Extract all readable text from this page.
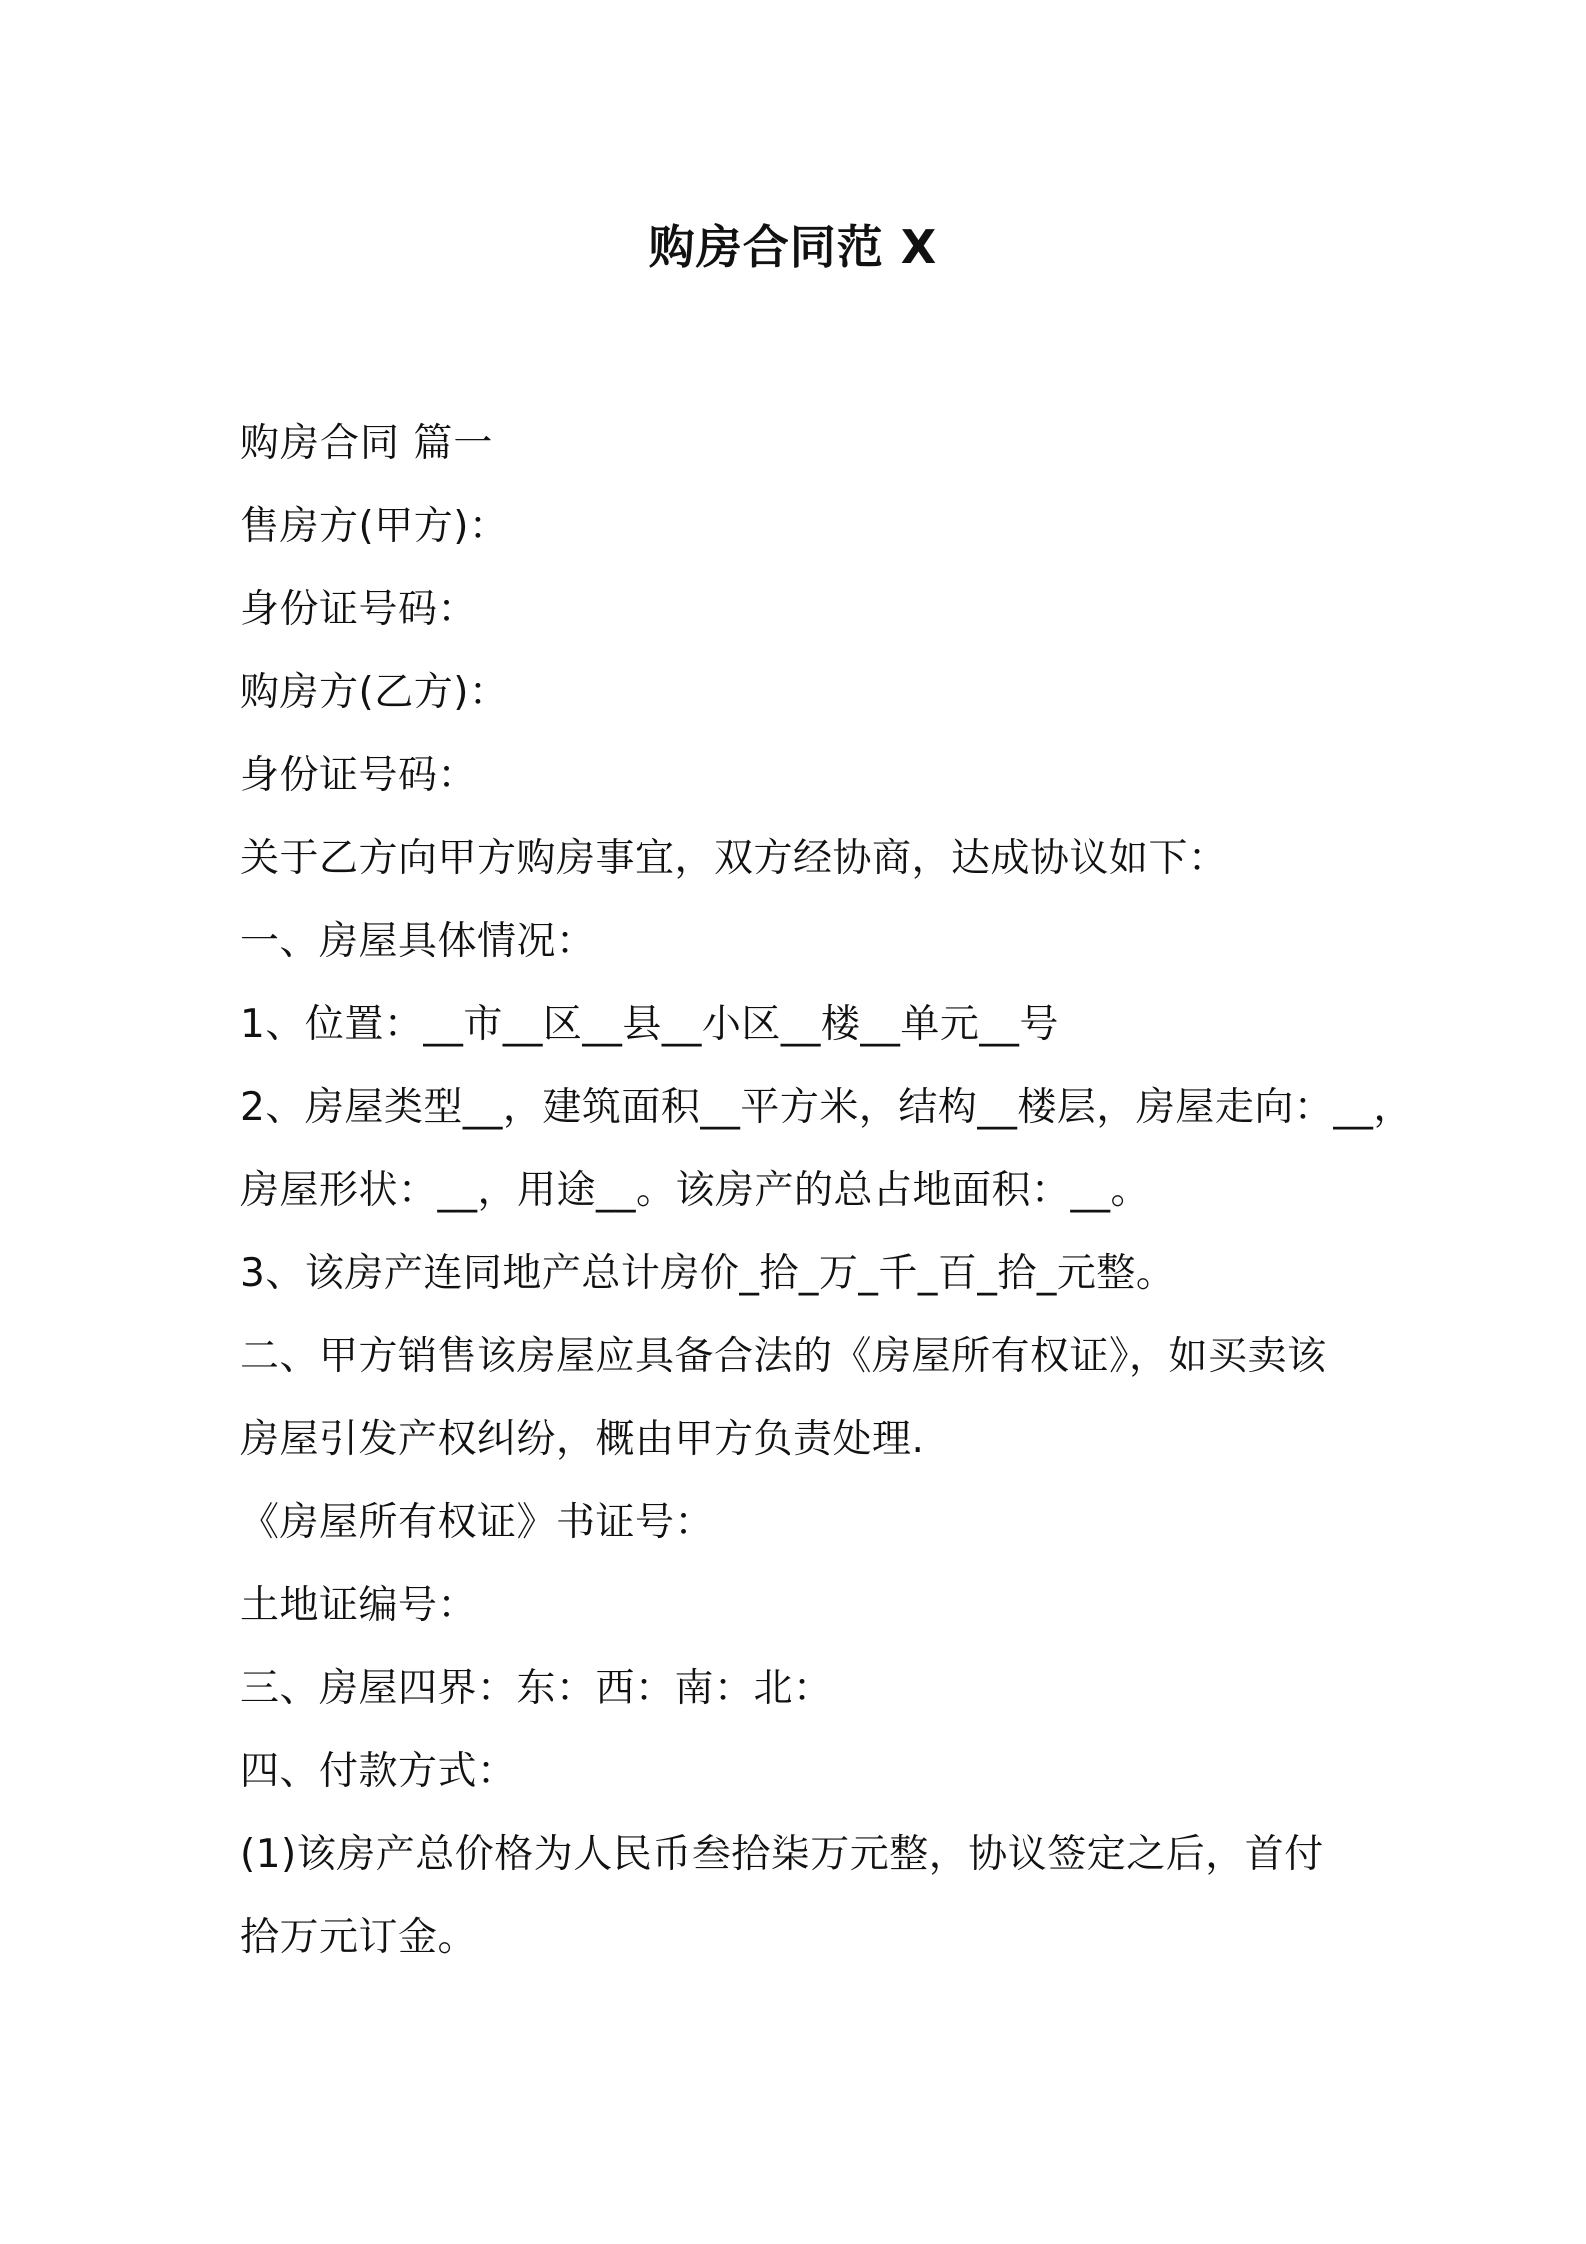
购房合同范 X
购房合同 篇一
售房方(甲方)：
身份证号码：
购房方(乙方)：
身份证号码：
关于乙方向甲方购房事宜，双方经协商，达成协议如下：
一、房屋具体情况：
1、位置：__市__区__县__小区__楼__单元__号
2、房屋类型__，建筑面积__平方米，结构__楼层，房屋走向：__，
房屋形状：__，用途__。该房产的总占地面积：__。
3、该房产连同地产总计房价_拾_万_千_百_拾_元整。
二、甲方销售该房屋应具备合法的《房屋所有权证》，如买卖该
房屋引发产权纠纷，概由甲方负责处理.
《房屋所有权证》书证号：
土地证编号：
三、房屋四界：东：西：南：北：
四、付款方式：
(1)该房产总价格为人民币叁拾柒万元整，协议签定之后，首付
拾万元订金。
